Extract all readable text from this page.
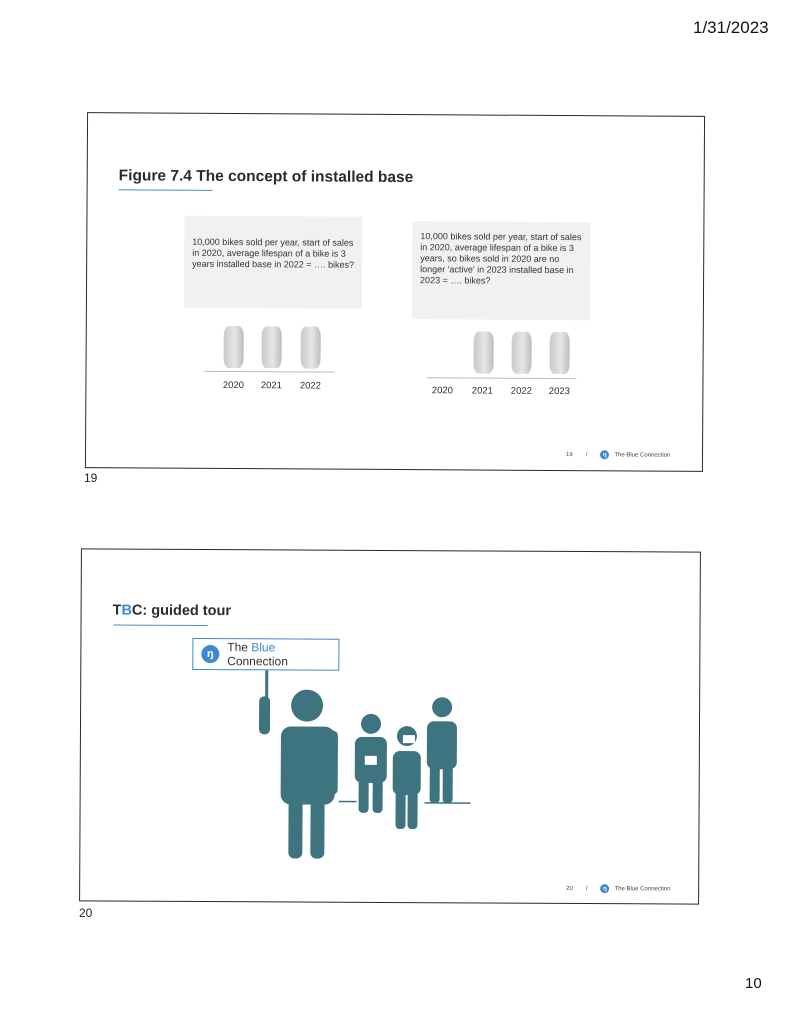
1/31/2023
Figure 7.4 The concept of installed base
10,000 bikes sold per year, start of sales in 2020, average lifespan of a bike is 3 years installed base in 2022 = …. bikes?
10,000 bikes sold per year, start of sales in 2020, average lifespan of a bike is 3 years, so bikes sold in 2020 are no longer 'active' in 2023 installed base in 2023 = …. bikes?
2020	2021	2022	2020	2021	2022	2023
19 /	ŋ	The Blue Connection
19
TBC: guided tour
ŋ	The Blue Connection
20 /	ŋ	The Blue Connection
20
10
